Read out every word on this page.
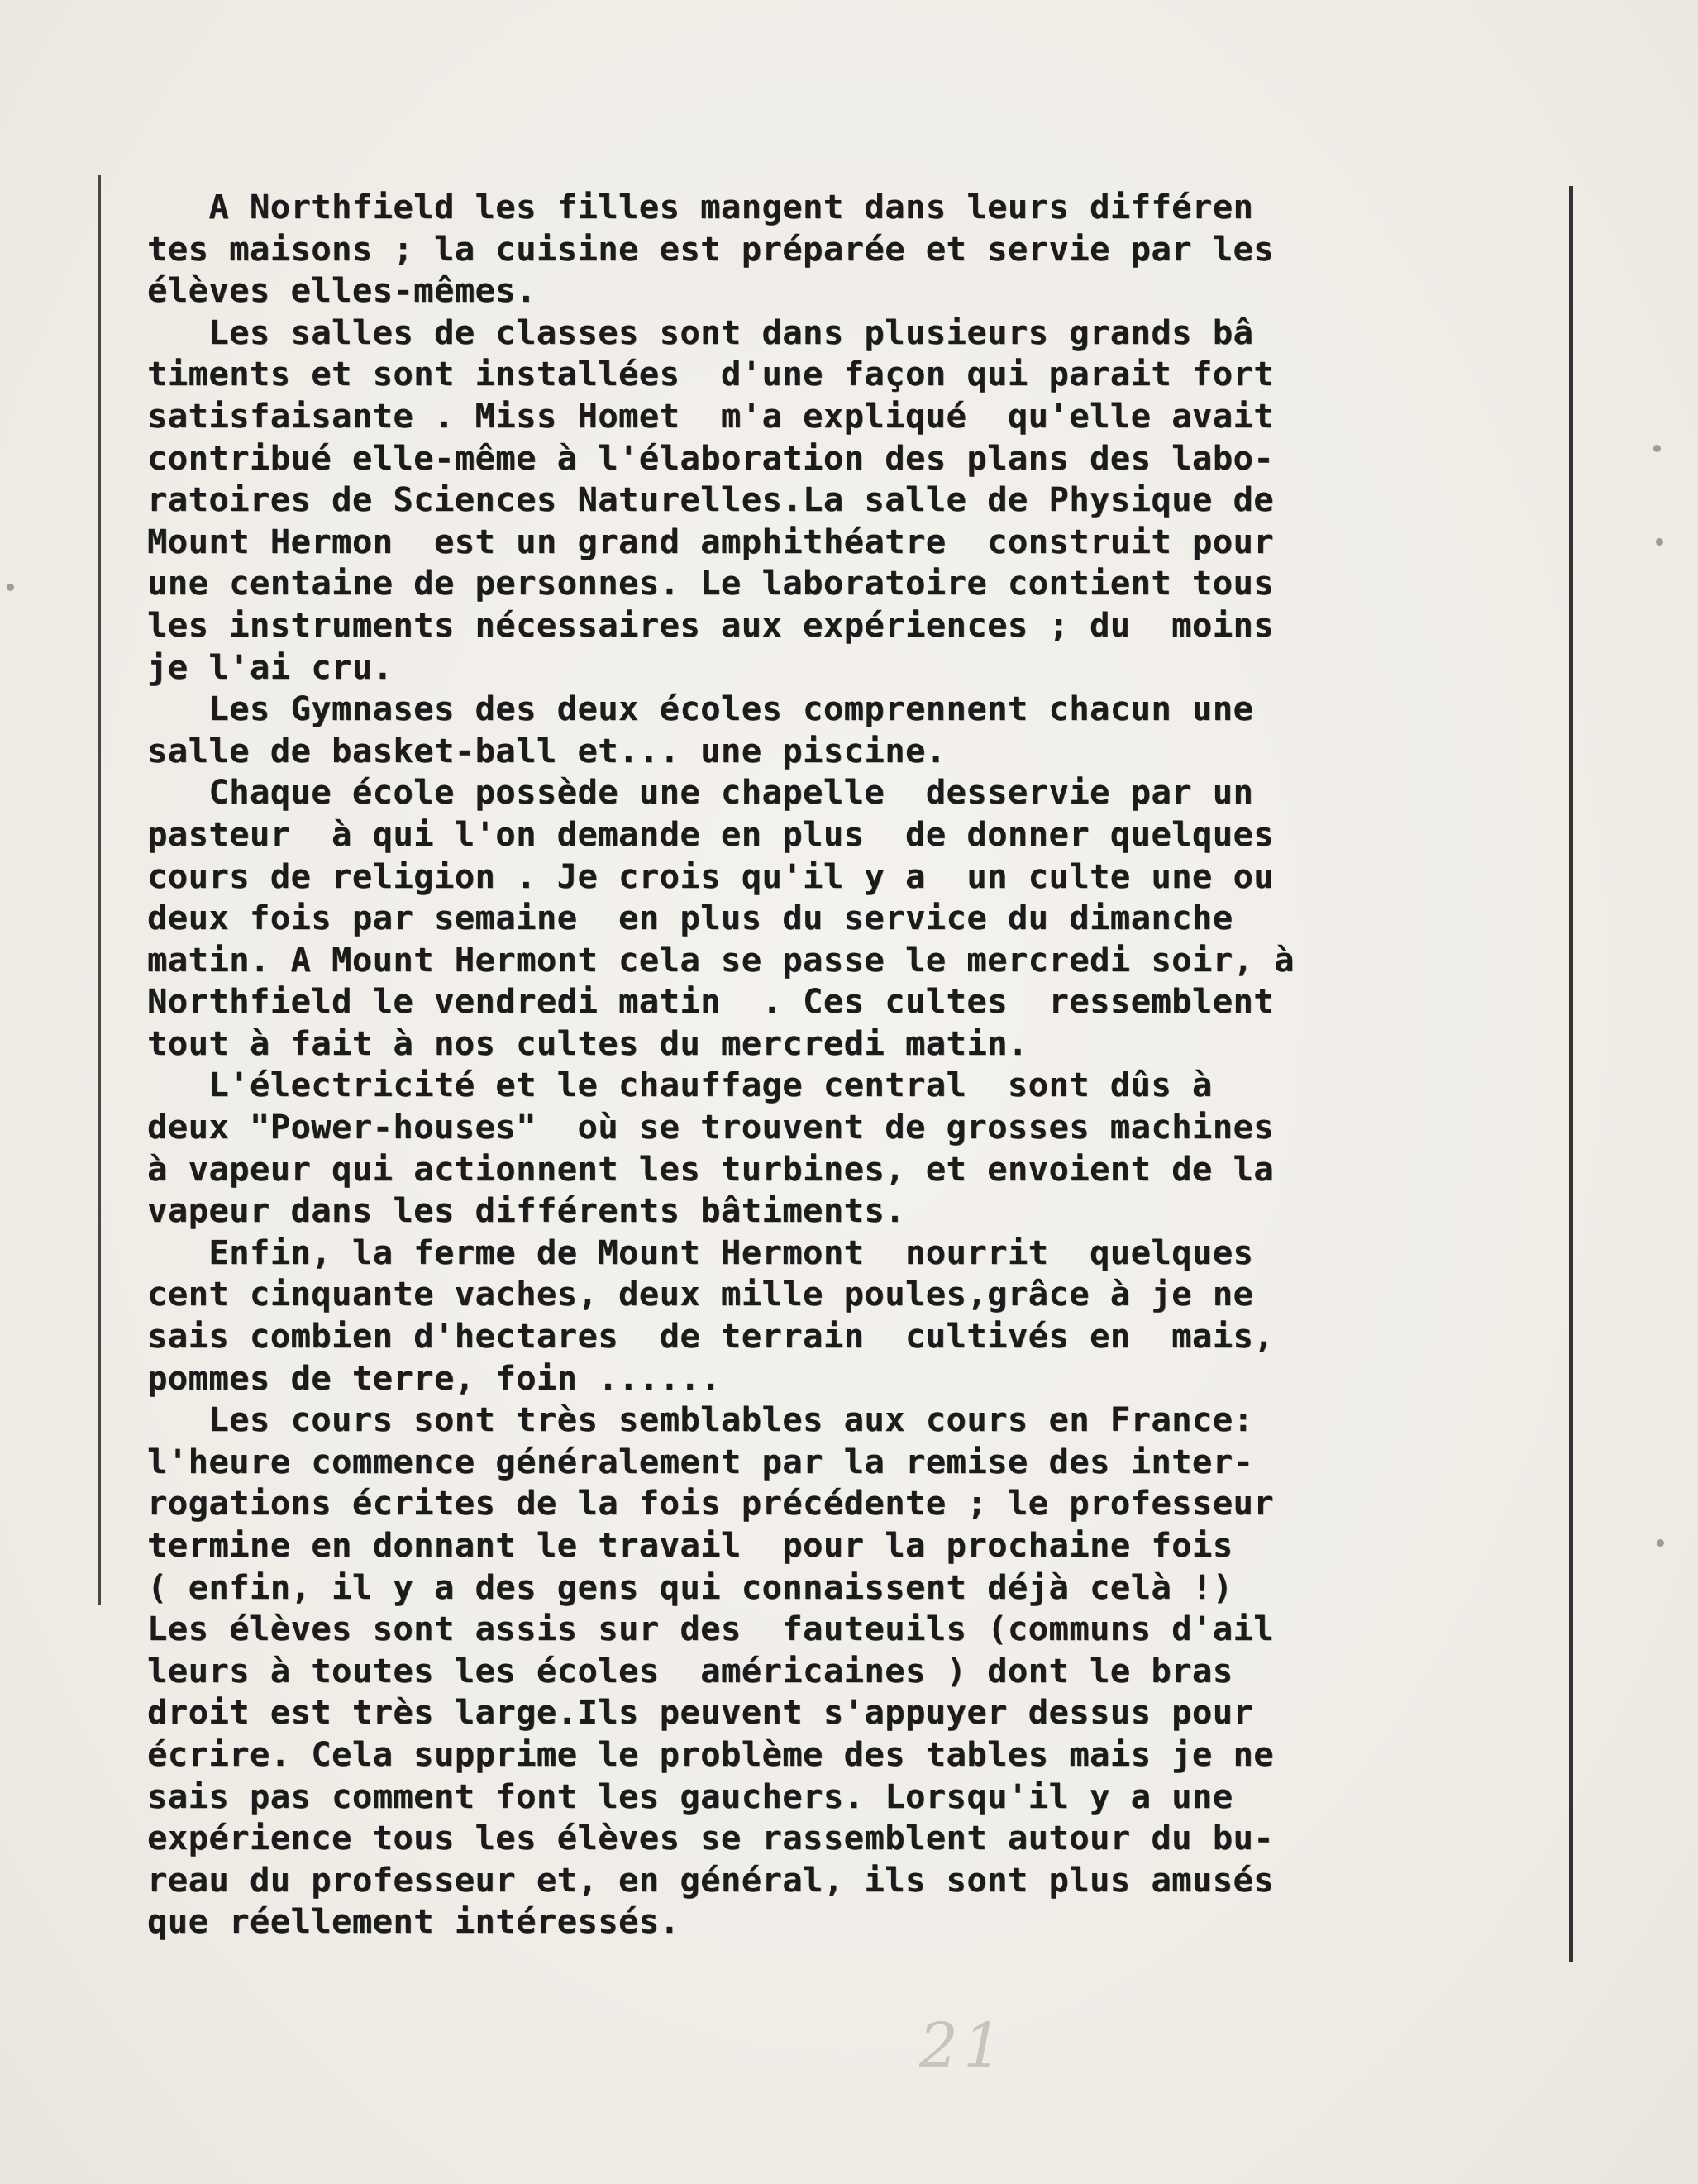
A Northfield les filles mangent dans leurs différen
tes maisons ; la cuisine est préparée et servie par les
élèves elles-mêmes.
Les salles de classes sont dans plusieurs grands bâ
timents et sont installées  d'une façon qui parait fort
satisfaisante . Miss Homet  m'a expliqué  qu'elle avait
contribué elle-même à l'élaboration des plans des labo-
ratoires de Sciences Naturelles.La salle de Physique de
Mount Hermon  est un grand amphithéatre  construit pour
une centaine de personnes. Le laboratoire contient tous
les instruments nécessaires aux expériences ; du  moins
je l'ai cru.
Les Gymnases des deux écoles comprennent chacun une
salle de basket-ball et... une piscine.
Chaque école possède une chapelle  desservie par un
pasteur  à qui l'on demande en plus  de donner quelques
cours de religion . Je crois qu'il y a  un culte une ou
deux fois par semaine  en plus du service du dimanche
matin. A Mount Hermont cela se passe le mercredi soir, à
Northfield le vendredi matin  . Ces cultes  ressemblent
tout à fait à nos cultes du mercredi matin.
L'électricité et le chauffage central  sont dûs à
deux "Power-houses"  où se trouvent de grosses machines
à vapeur qui actionnent les turbines, et envoient de la
vapeur dans les différents bâtiments.
Enfin, la ferme de Mount Hermont  nourrit  quelques
cent cinquante vaches, deux mille poules,grâce à je ne
sais combien d'hectares  de terrain  cultivés en  mais,
pommes de terre, foin ......
Les cours sont très semblables aux cours en France:
l'heure commence généralement par la remise des inter-
rogations écrites de la fois précédente ; le professeur
termine en donnant le travail  pour la prochaine fois
( enfin, il y a des gens qui connaissent déjà celà !)
Les élèves sont assis sur des  fauteuils (communs d'ail
leurs à toutes les écoles  américaines ) dont le bras
droit est très large.Ils peuvent s'appuyer dessus pour
écrire. Cela supprime le problème des tables mais je ne
sais pas comment font les gauchers. Lorsqu'il y a une
expérience tous les élèves se rassemblent autour du bu-
reau du professeur et, en général, ils sont plus amusés
que réellement intéressés.
21
